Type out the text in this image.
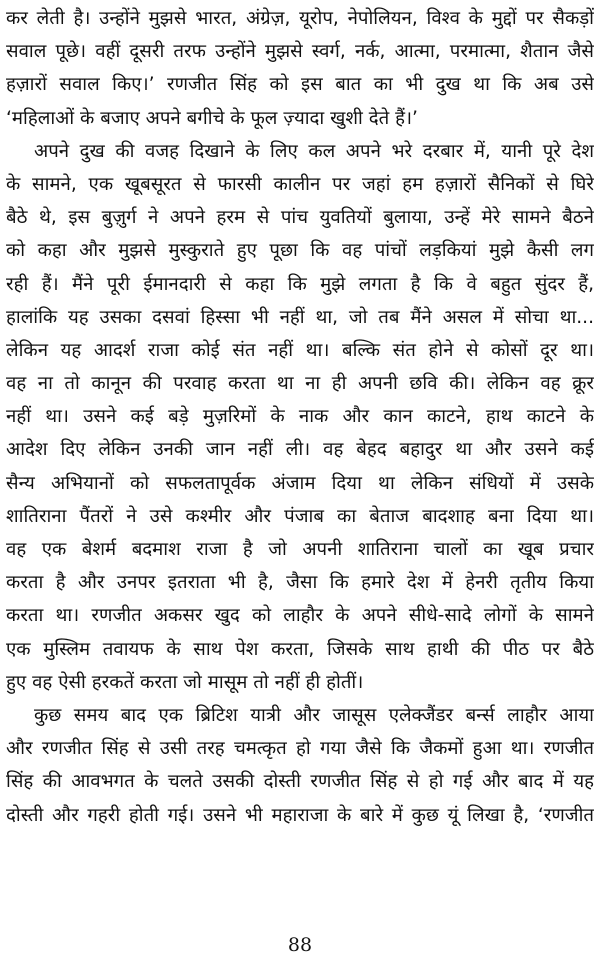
कर लेती है। उन्होंने मुझसे भारत, अंग्रेज़, यूरोप, नेपोलियन, विश्व के मुद्दों पर सैकड़ों
सवाल पूछे। वहीं दूसरी तरफ उन्होंने मुझसे स्वर्ग, नर्क, आत्मा, परमात्मा, शैतान जैसे
हज़ारों सवाल किए।’ रणजीत सिंह को इस बात का भी दुख था कि अब उसे
‘महिलाओं के बजाए अपने बगीचे के फूल ज़्यादा खुशी देते हैं।’
अपने दुख की वजह दिखाने के लिए कल अपने भरे दरबार में, यानी पूरे देश
के सामने, एक खूबसूरत से फारसी कालीन पर जहां हम हज़ारों सैनिकों से घिरे
बैठे थे, इस बुज़ुर्ग ने अपने हरम से पांच युवतियों बुलाया, उन्हें मेरे सामने बैठने
को कहा और मुझसे मुस्कुराते हुए पूछा कि वह पांचों लड़कियां मुझे कैसी लग
रही हैं। मैंने पूरी ईमानदारी से कहा कि मुझे लगता है कि वे बहुत सुंदर हैं,
हालांकि यह उसका दसवां हिस्सा भी नहीं था, जो तब मैंने असल में सोचा था...
लेकिन यह आदर्श राजा कोई संत नहीं था। बल्कि संत होने से कोसों दूर था।
वह ना तो कानून की परवाह करता था ना ही अपनी छवि की। लेकिन वह क्रूर
नहीं था। उसने कई बड़े मुज़रिमों के नाक और कान काटने, हाथ काटने के
आदेश दिए लेकिन उनकी जान नहीं ली। वह बेहद बहादुर था और उसने कई
सैन्य अभियानों को सफलतापूर्वक अंजाम दिया था लेकिन संधियों में उसके
शातिराना पैंतरों ने उसे कश्मीर और पंजाब का बेताज बादशाह बना दिया था।
वह एक बेशर्म बदमाश राजा है जो अपनी शातिराना चालों का खूब प्रचार
करता है और उनपर इतराता भी है, जैसा कि हमारे देश में हेनरी तृतीय किया
करता था। रणजीत अकसर खुद को लाहौर के अपने सीधे-सादे लोगों के सामने
एक मुस्लिम तवायफ के साथ पेश करता, जिसके साथ हाथी की पीठ पर बैठे
हुए वह ऐसी हरकतें करता जो मासूम तो नहीं ही होतीं।
कुछ समय बाद एक ब्रिटिश यात्री और जासूस एलेक्जैंडर बर्न्स लाहौर आया
और रणजीत सिंह से उसी तरह चमत्कृत हो गया जैसे कि जैकमों हुआ था। रणजीत
सिंह की आवभगत के चलते उसकी दोस्ती रणजीत सिंह से हो गई और बाद में यह
दोस्ती और गहरी होती गई। उसने भी महाराजा के बारे में कुछ यूं लिखा है, ‘रणजीत
88
